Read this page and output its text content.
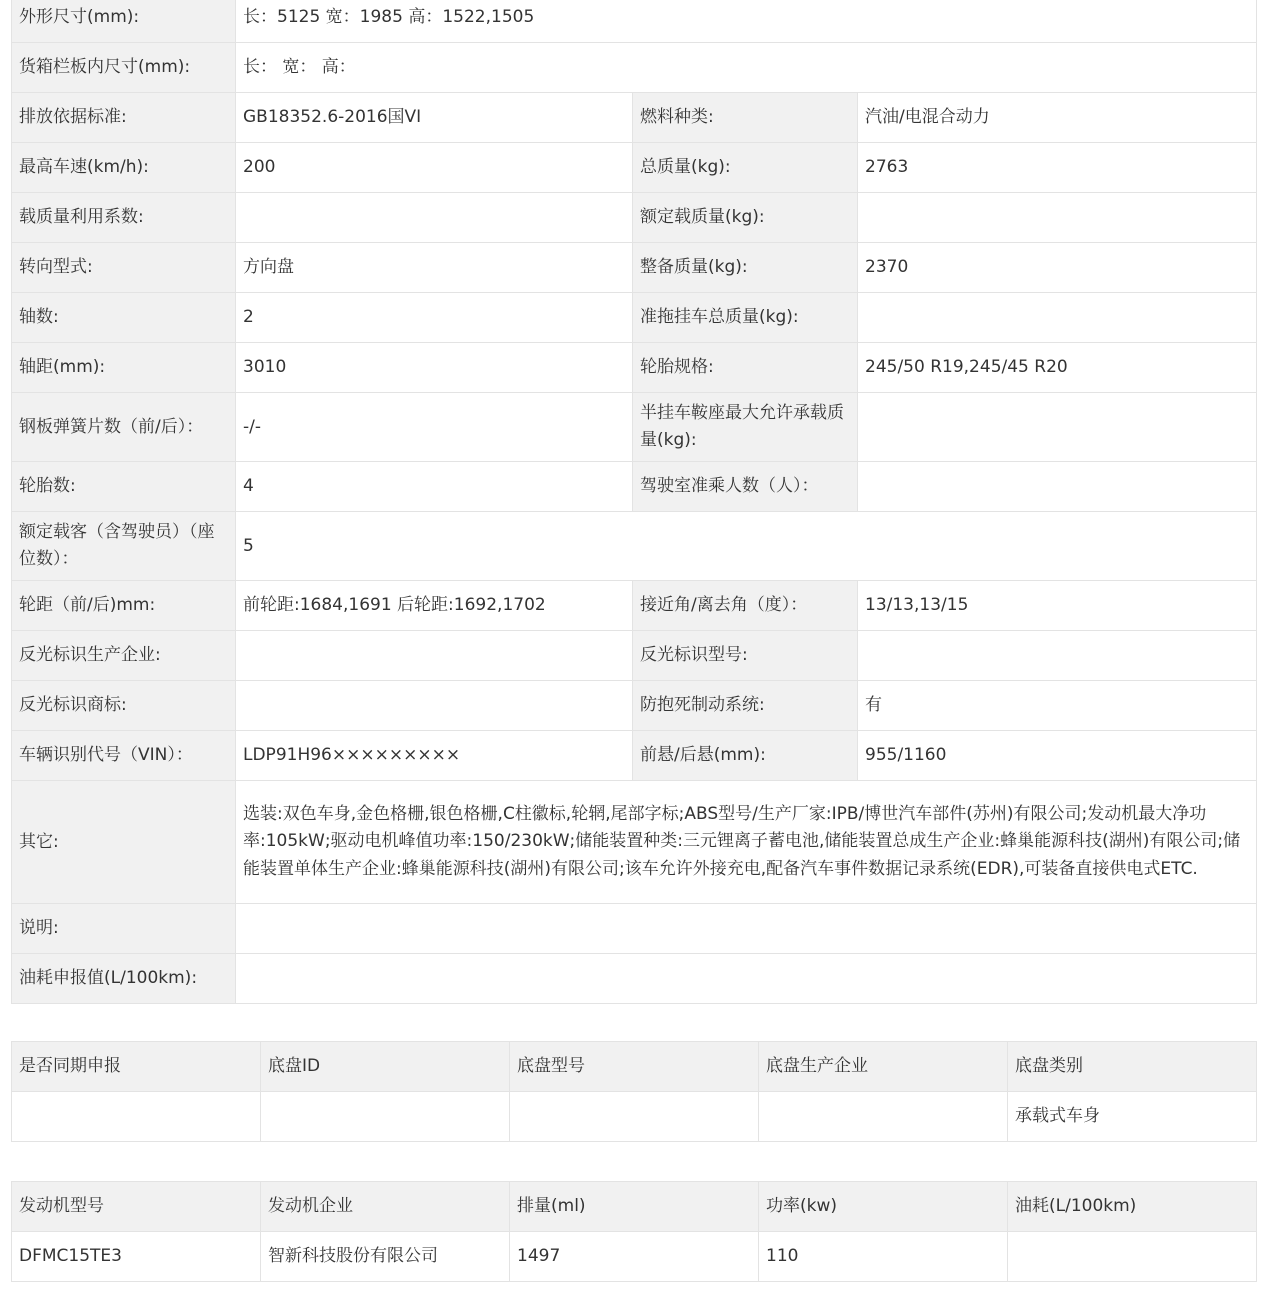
外形尺寸(mm):	长：5125 宽：1985 高：1522,1505		
货箱栏板内尺寸(mm):	长： 宽： 高：		
排放依据标准:	GB18352.6-2016国VI	燃料种类:	汽油/电混合动力
最高车速(km/h):	200	总质量(kg):	2763
载质量利用系数:		额定载质量(kg):	
转向型式:	方向盘	整备质量(kg):	2370
轴数:	2	准拖挂车总质量(kg):	
轴距(mm):	3010	轮胎规格:	245/50 R19,245/45 R20
钢板弹簧片数（前/后）：	-/-	半挂车鞍座最大允许承载质量(kg):	
轮胎数:	4	驾驶室准乘人数（人）：	
额定载客（含驾驶员）（座位数）：	5		
轮距（前/后)mm:	前轮距:1684,1691 后轮距:1692,1702	接近角/离去角（度）：	13/13,13/15
反光标识生产企业:		反光标识型号:	
反光标识商标:		防抱死制动系统:	有
车辆识别代号（VIN）：	LDP91H96×××××××××	前悬/后悬(mm):	955/1160
其它:	选装:双色车身,金色格栅,银色格栅,C柱徽标,轮辋,尾部字标;ABS型号/生产厂家:IPB/博世汽车部件(苏州)有限公司;发动机最大净功率:105kW;驱动电机峰值功率:150/230kW;储能装置种类:三元锂离子蓄电池,储能装置总成生产企业:蜂巢能源科技(湖州)有限公司;储能装置单体生产企业:蜂巢能源科技(湖州)有限公司;该车允许外接充电,配备汽车事件数据记录系统(EDR),可装备直接供电式ETC.		
说明:			
油耗申报值(L/100km):			
是否同期申报	底盘ID	底盘型号	底盘生产企业	底盘类别
				承载式车身
发动机型号	发动机企业	排量(ml)	功率(kw)	油耗(L/100km)
DFMC15TE3	智新科技股份有限公司	1497	110	
